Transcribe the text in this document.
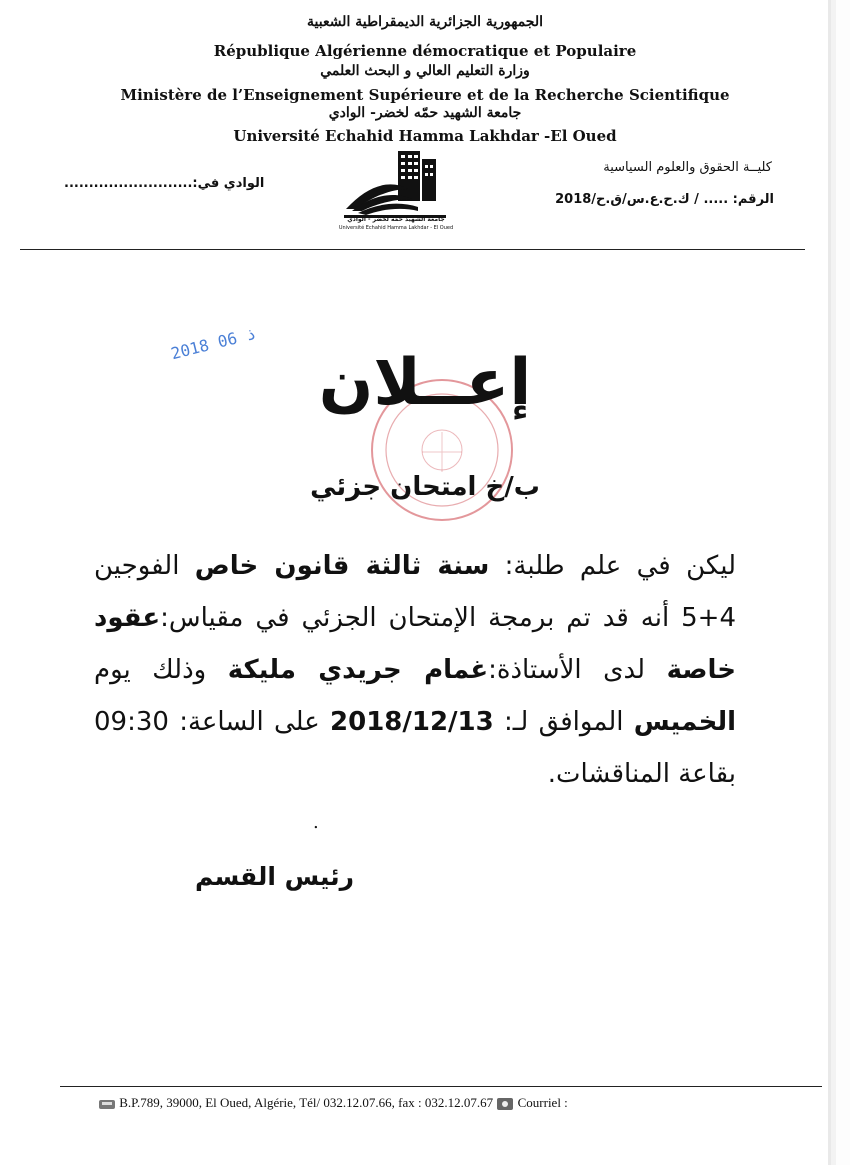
الجمهورية الجزائرية الديمقراطية الشعبية
République Algérienne démocratique et Populaire
وزارة التعليم العالي و البحث العلمي
Ministère de l’Enseignement Supérieure et de la Recherche Scientifique
جامعة الشهيد حمّه لخضر- الوادي
Université Echahid Hamma Lakhdar -El Oued
كليــة الحقوق والعلوم السياسية
الرقم: ..... / ك.ح.ع.س/ق.ح/2018
الوادي في:..........................
جامعة الشهيد حمّه لخضر - الوادي
Université Echahid Hamma Lakhdar - El Oued
2018 06 ذ
إعــلان
ب/خ امتحان جزئي
ليكن في علم طلبة: سنة ثالثة قانون خاص الفوجين 4+5 أنه قد تم برمجة الإمتحان الجزئي في مقياس:عقود خاصة لدى الأستاذة:غمام جريدي مليكة وذلك يوم الخميس الموافق لـ: 2018/12/13 على الساعة: 09:30 بقاعة المناقشات.
.
رئيس القسم
B.P.789, 39000, El Oued, Algérie, Tél/ 032.12.07.66, fax : 032.12.07.67 Courriel :
